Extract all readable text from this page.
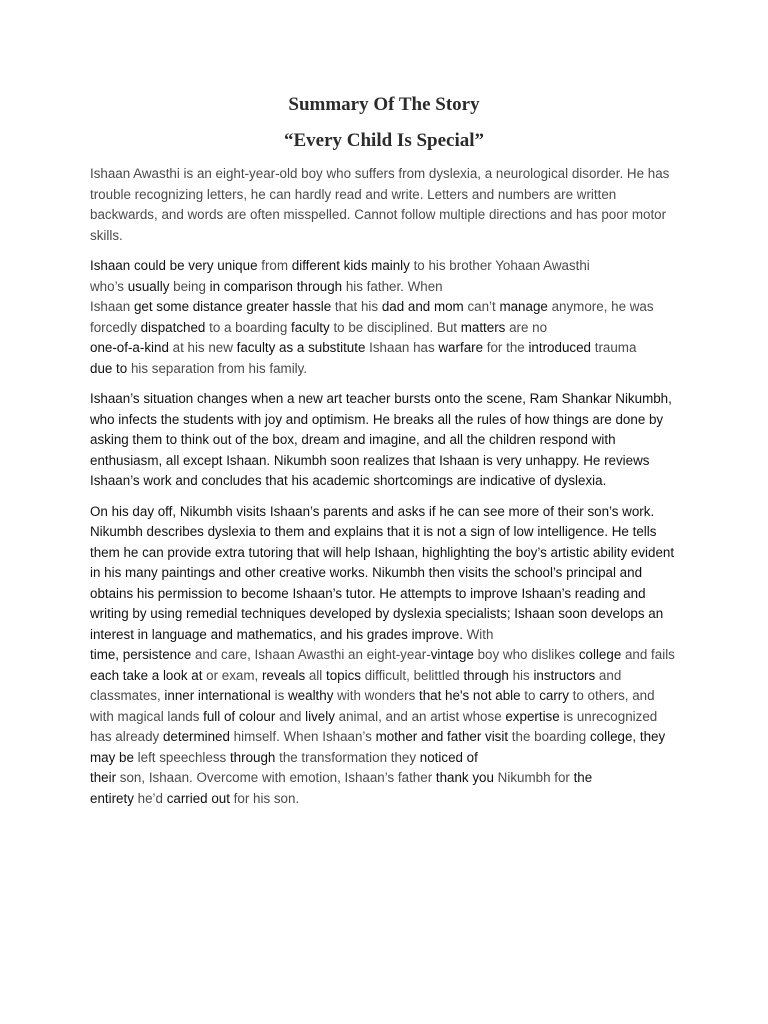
Summary Of The Story
“Every Child Is Special”

Ishaan Awasthi is an eight-year-old boy who suffers from dyslexia, a neurological disorder. He has trouble recognizing letters, he can hardly read and write. Letters and numbers are written backwards, and words are often misspelled. Cannot follow multiple directions and has poor motor skills.

Ishaan could be very unique from different kids mainly to his brother Yohaan Awasthi
who’s usually being in comparison through his father. When
Ishaan get some distance greater hassle that his dad and mom can’t manage anymore, he was forcedly dispatched to a boarding faculty to be disciplined. But matters are no
one-of-a-kind at his new faculty as a substitute Ishaan has warfare for the introduced trauma
due to his separation from his family.

Ishaan’s situation changes when a new art teacher bursts onto the scene, Ram Shankar Nikumbh, who infects the students with joy and optimism. He breaks all the rules of how things are done by asking them to think out of the box, dream and imagine, and all the children respond with enthusiasm, all except Ishaan. Nikumbh soon realizes that Ishaan is very unhappy. He reviews Ishaan’s work and concludes that his academic shortcomings are indicative of dyslexia.

On his day off, Nikumbh visits Ishaan’s parents and asks if he can see more of their son’s work. Nikumbh describes dyslexia to them and explains that it is not a sign of low intelligence. He tells them he can provide extra tutoring that will help Ishaan, highlighting the boy’s artistic ability evident in his many paintings and other creative works. Nikumbh then visits the school’s principal and obtains his permission to become Ishaan’s tutor. He attempts to improve Ishaan’s reading and writing by using remedial techniques developed by dyslexia specialists; Ishaan soon develops an interest in language and mathematics, and his grades improve. With
time, persistence and care, Ishaan Awasthi an eight-year-vintage boy who dislikes college and fails each take a look at or exam, reveals all topics difficult, belittled through his instructors and classmates, inner international is wealthy with wonders that he's not able to carry to others, and with magical lands full of colour and lively animal, and an artist whose expertise is unrecognized has already determined himself. When Ishaan’s mother and father visit the boarding college, they may be left speechless through the transformation they noticed of
their son, Ishaan. Overcome with emotion, Ishaan’s father thank you Nikumbh for the
entirety he’d carried out for his son.
